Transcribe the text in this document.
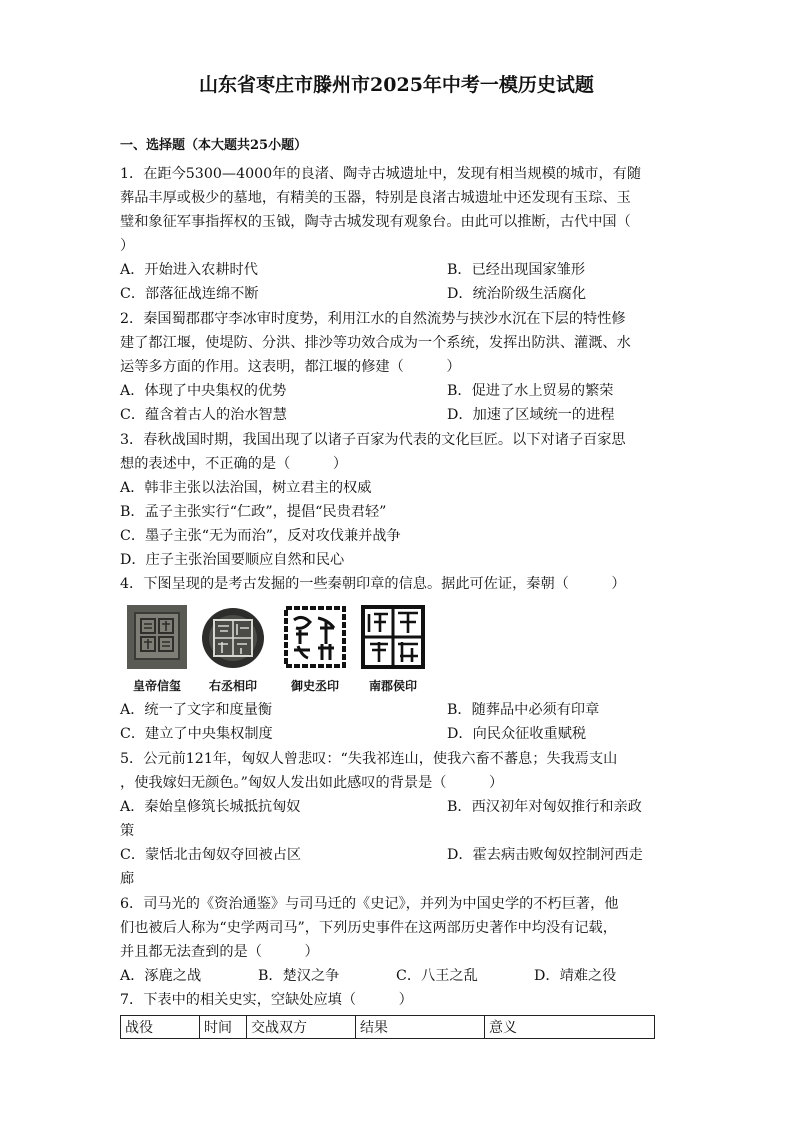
山东省枣庄市滕州市2025年中考一模历史试题
一、选择题（本大题共25小题）
1．在距今5300—4000年的良渚、陶寺古城遗址中，发现有相当规模的城市，有随
葬品丰厚或极少的墓地，有精美的玉器，特别是良渚古城遗址中还发现有玉琮、玉
璧和象征军事指挥权的玉钺，陶寺古城发现有观象台。由此可以推断，古代中国（
）
A．开始进入农耕时代	B．已经出现国家雏形
C．部落征战连绵不断	D．统治阶级生活腐化
2．秦国蜀郡郡守李冰审时度势，利用江水的自然流势与挟沙水沉在下层的特性修
建了都江堰，使堤防、分洪、排沙等功效合成为一个系统，发挥出防洪、灌溉、水
运等多方面的作用。这表明，都江堰的修建（　　　）
A．体现了中央集权的优势	B．促进了水上贸易的繁荣
C．蕴含着古人的治水智慧	D．加速了区域统一的进程
3．春秋战国时期，我国出现了以诸子百家为代表的文化巨匠。以下对诸子百家思
想的表述中，不正确的是（　　　）
A．韩非主张以法治国，树立君主的权威
B．孟子主张实行“仁政”，提倡“民贵君轻”
C．墨子主张“无为而治”，反对攻伐兼并战争
D．庄子主张治国要顺应自然和民心
4．下图呈现的是考古发掘的一些秦朝印章的信息。据此可佐证，秦朝（　　　）
皇帝信玺	右丞相印	御史丞印	南郡侯印
A．统一了文字和度量衡	B．随葬品中必须有印章
C．建立了中央集权制度	D．向民众征收重赋税
5．公元前121年，匈奴人曾悲叹：“失我祁连山，使我六畜不蕃息；失我焉支山
，使我嫁妇无颜色。”匈奴人发出如此感叹的背景是（　　　）
A．秦始皇修筑长城抵抗匈奴	B．西汉初年对匈奴推行和亲政
策
C．蒙恬北击匈奴夺回被占区	D．霍去病击败匈奴控制河西走
廊
6．司马光的《资治通鉴》与司马迁的《史记》，并列为中国史学的不朽巨著，他
们也被后人称为“史学两司马”，下列历史事件在这两部历史著作中均没有记载，
并且都无法查到的是（　　　）
A．涿鹿之战	B．楚汉之争	C．八王之乱	D．靖难之役
7．下表中的相关史实，空缺处应填（　　　）
战役	时间	交战双方	结果	意义
